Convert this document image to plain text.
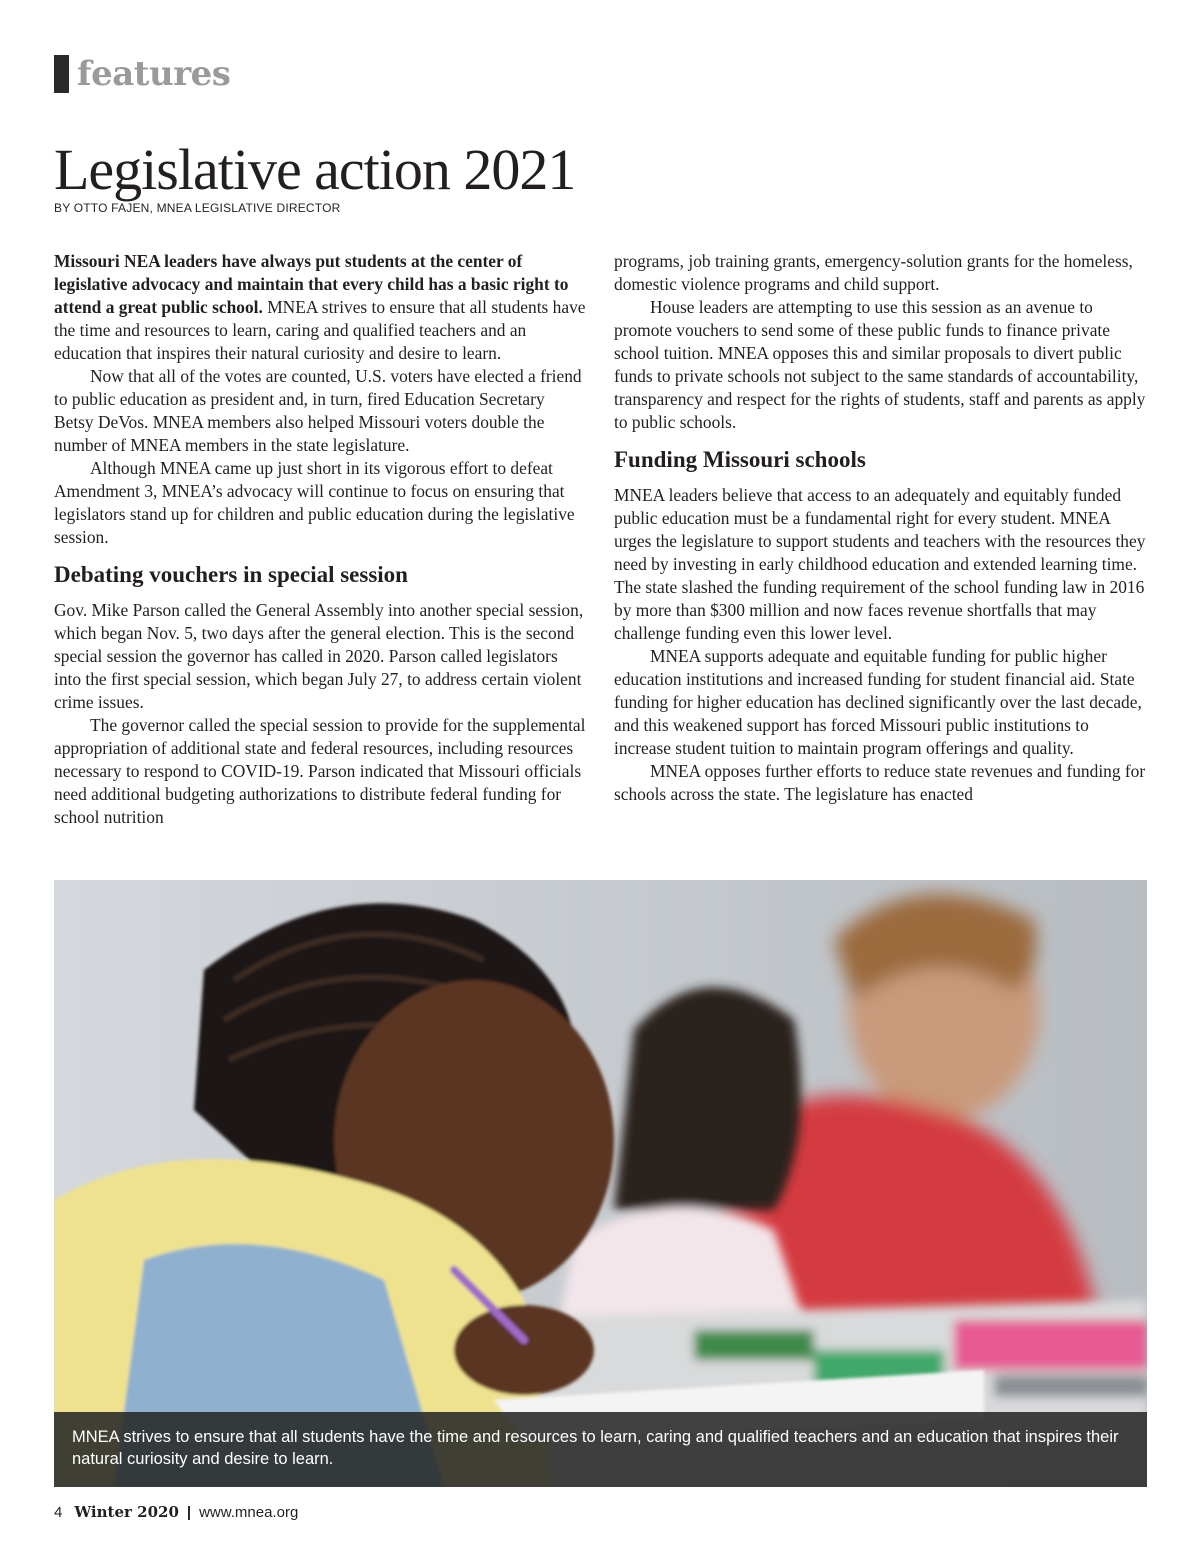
features
Legislative action 2021
BY OTTO FAJEN, MNEA LEGISLATIVE DIRECTOR

Missouri NEA leaders have always put students at the center of legislative advocacy and maintain that every child has a basic right to attend a great public school. MNEA strives to ensure that all students have the time and resources to learn, caring and qualified teachers and an education that inspires their natural curiosity and desire to learn.

Now that all of the votes are counted, U.S. voters have elected a friend to public education as president and, in turn, fired Education Secretary Betsy DeVos. MNEA members also helped Missouri voters double the number of MNEA members in the state legislature.

Although MNEA came up just short in its vigorous effort to defeat Amendment 3, MNEA’s advocacy will continue to focus on ensuring that legislators stand up for children and public education during the legislative session.

Debating vouchers in special session

Gov. Mike Parson called the General Assembly into another special session, which began Nov. 5, two days after the general election. This is the second special session the governor has called in 2020. Parson called legislators into the first special session, which began July 27, to address certain violent crime issues.

The governor called the special session to provide for the supplemental appropriation of additional state and federal resources, including resources necessary to respond to COVID-19. Parson indicated that Missouri officials need additional budgeting authorizations to distribute federal funding for school nutrition

programs, job training grants, emergency-solution grants for the homeless, domestic violence programs and child support.

House leaders are attempting to use this session as an avenue to promote vouchers to send some of these public funds to finance private school tuition. MNEA opposes this and similar proposals to divert public funds to private schools not subject to the same standards of accountability, transparency and respect for the rights of students, staff and parents as apply to public schools.

Funding Missouri schools

MNEA leaders believe that access to an adequately and equitably funded public education must be a fundamental right for every student. MNEA urges the legislature to support students and teachers with the resources they need by investing in early childhood education and extended learning time. The state slashed the funding requirement of the school funding law in 2016 by more than $300 million and now faces revenue shortfalls that may challenge funding even this lower level.

MNEA supports adequate and equitable funding for public higher education institutions and increased funding for student financial aid. State funding for higher education has declined significantly over the last decade, and this weakened support has forced Missouri public institutions to increase student tuition to maintain program offerings and quality.

MNEA opposes further efforts to reduce state revenues and funding for schools across the state. The legislature has enacted

MNEA strives to ensure that all students have the time and resources to learn, caring and qualified teachers and an education that inspires their natural curiosity and desire to learn.
4 Winter 2020 | www.mnea.org
